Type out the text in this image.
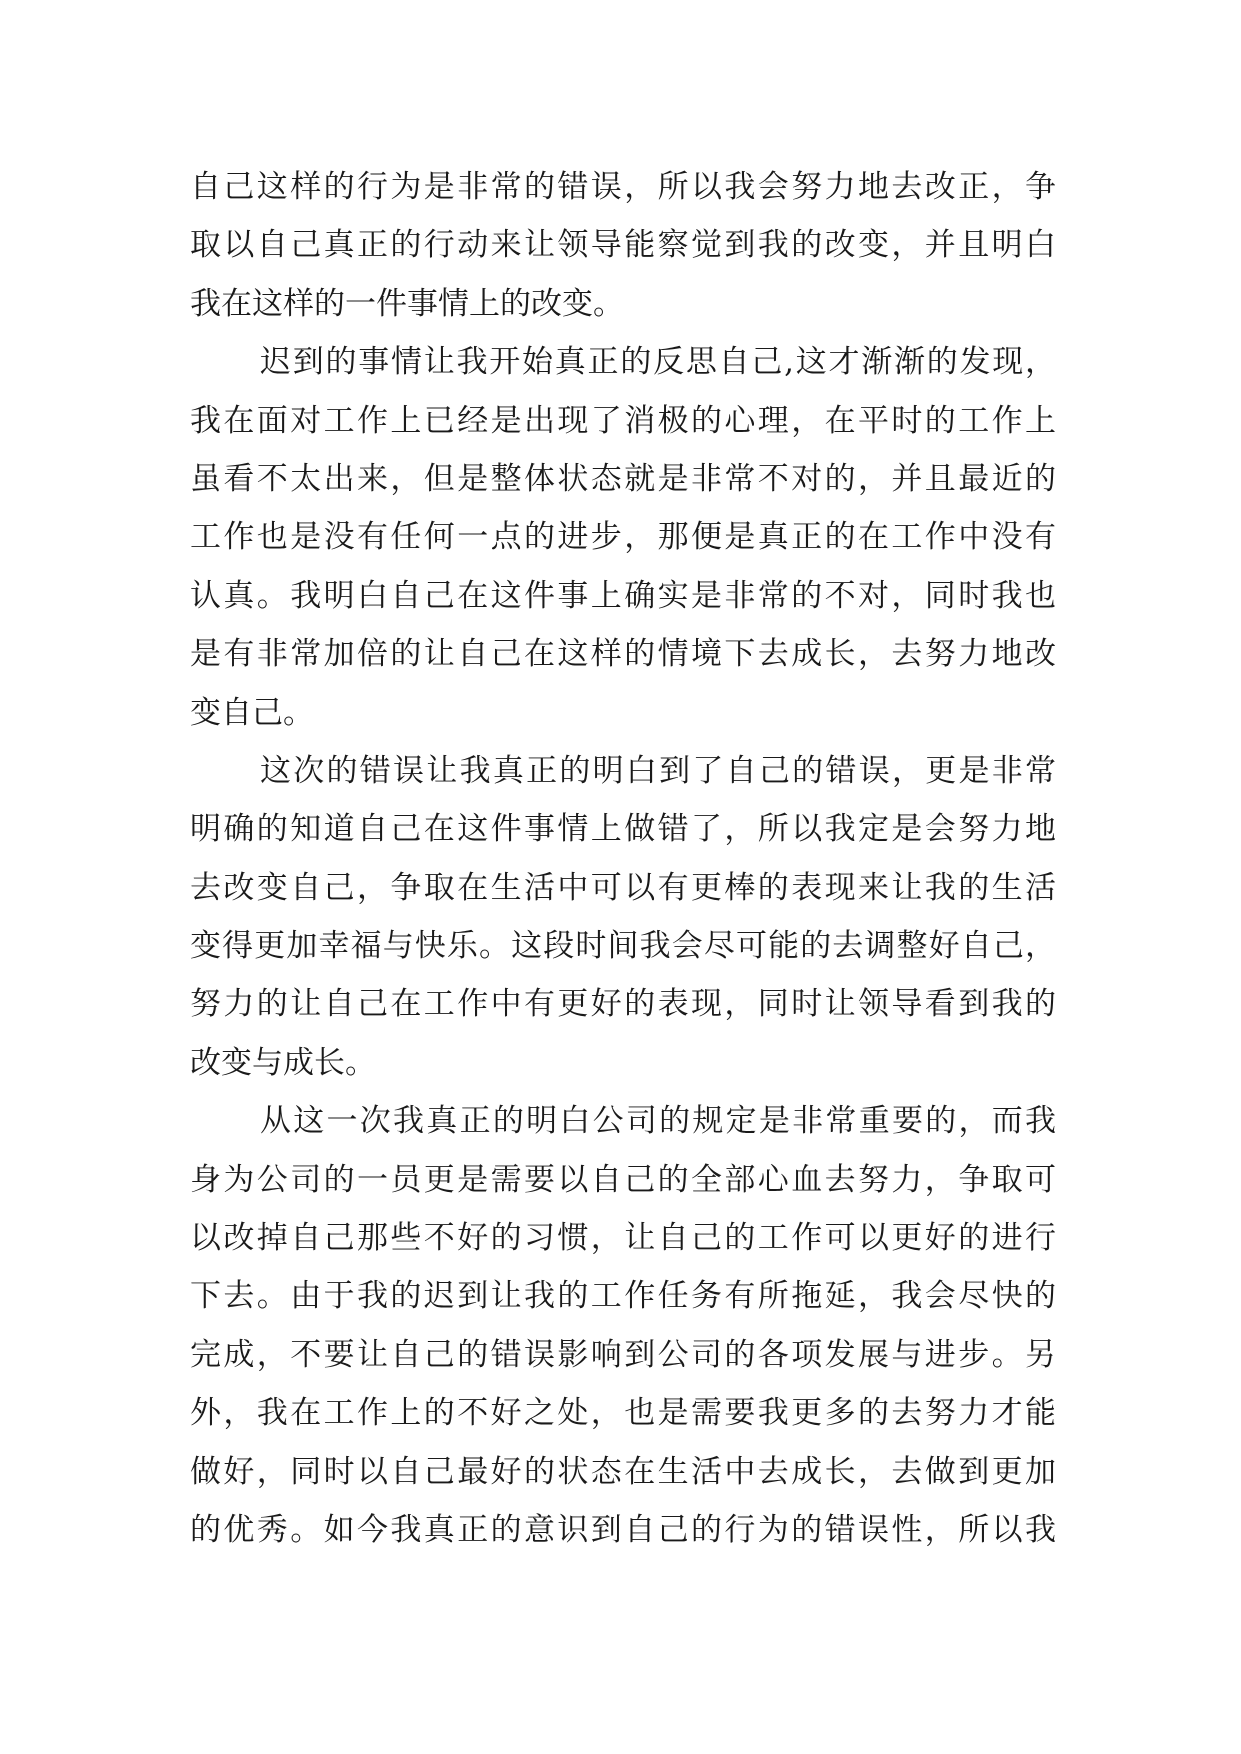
自己这样的行为是非常的错误，所以我会努力地去改正，争
取以自己真正的行动来让领导能察觉到我的改变，并且明白
我在这样的一件事情上的改变。
迟到的事情让我开始真正的反思自己,这才渐渐的发现，
我在面对工作上已经是出现了消极的心理，在平时的工作上
虽看不太出来，但是整体状态就是非常不对的，并且最近的
工作也是没有任何一点的进步，那便是真正的在工作中没有
认真。我明白自己在这件事上确实是非常的不对，同时我也
是有非常加倍的让自己在这样的情境下去成长，去努力地改
变自己。
这次的错误让我真正的明白到了自己的错误，更是非常
明确的知道自己在这件事情上做错了，所以我定是会努力地
去改变自己，争取在生活中可以有更棒的表现来让我的生活
变得更加幸福与快乐。这段时间我会尽可能的去调整好自己，
努力的让自己在工作中有更好的表现，同时让领导看到我的
改变与成长。
从这一次我真正的明白公司的规定是非常重要的，而我
身为公司的一员更是需要以自己的全部心血去努力，争取可
以改掉自己那些不好的习惯，让自己的工作可以更好的进行
下去。由于我的迟到让我的工作任务有所拖延，我会尽快的
完成，不要让自己的错误影响到公司的各项发展与进步。另
外，我在工作上的不好之处，也是需要我更多的去努力才能
做好，同时以自己最好的状态在生活中去成长，去做到更加
的优秀。如今我真正的意识到自己的行为的错误性，所以我
